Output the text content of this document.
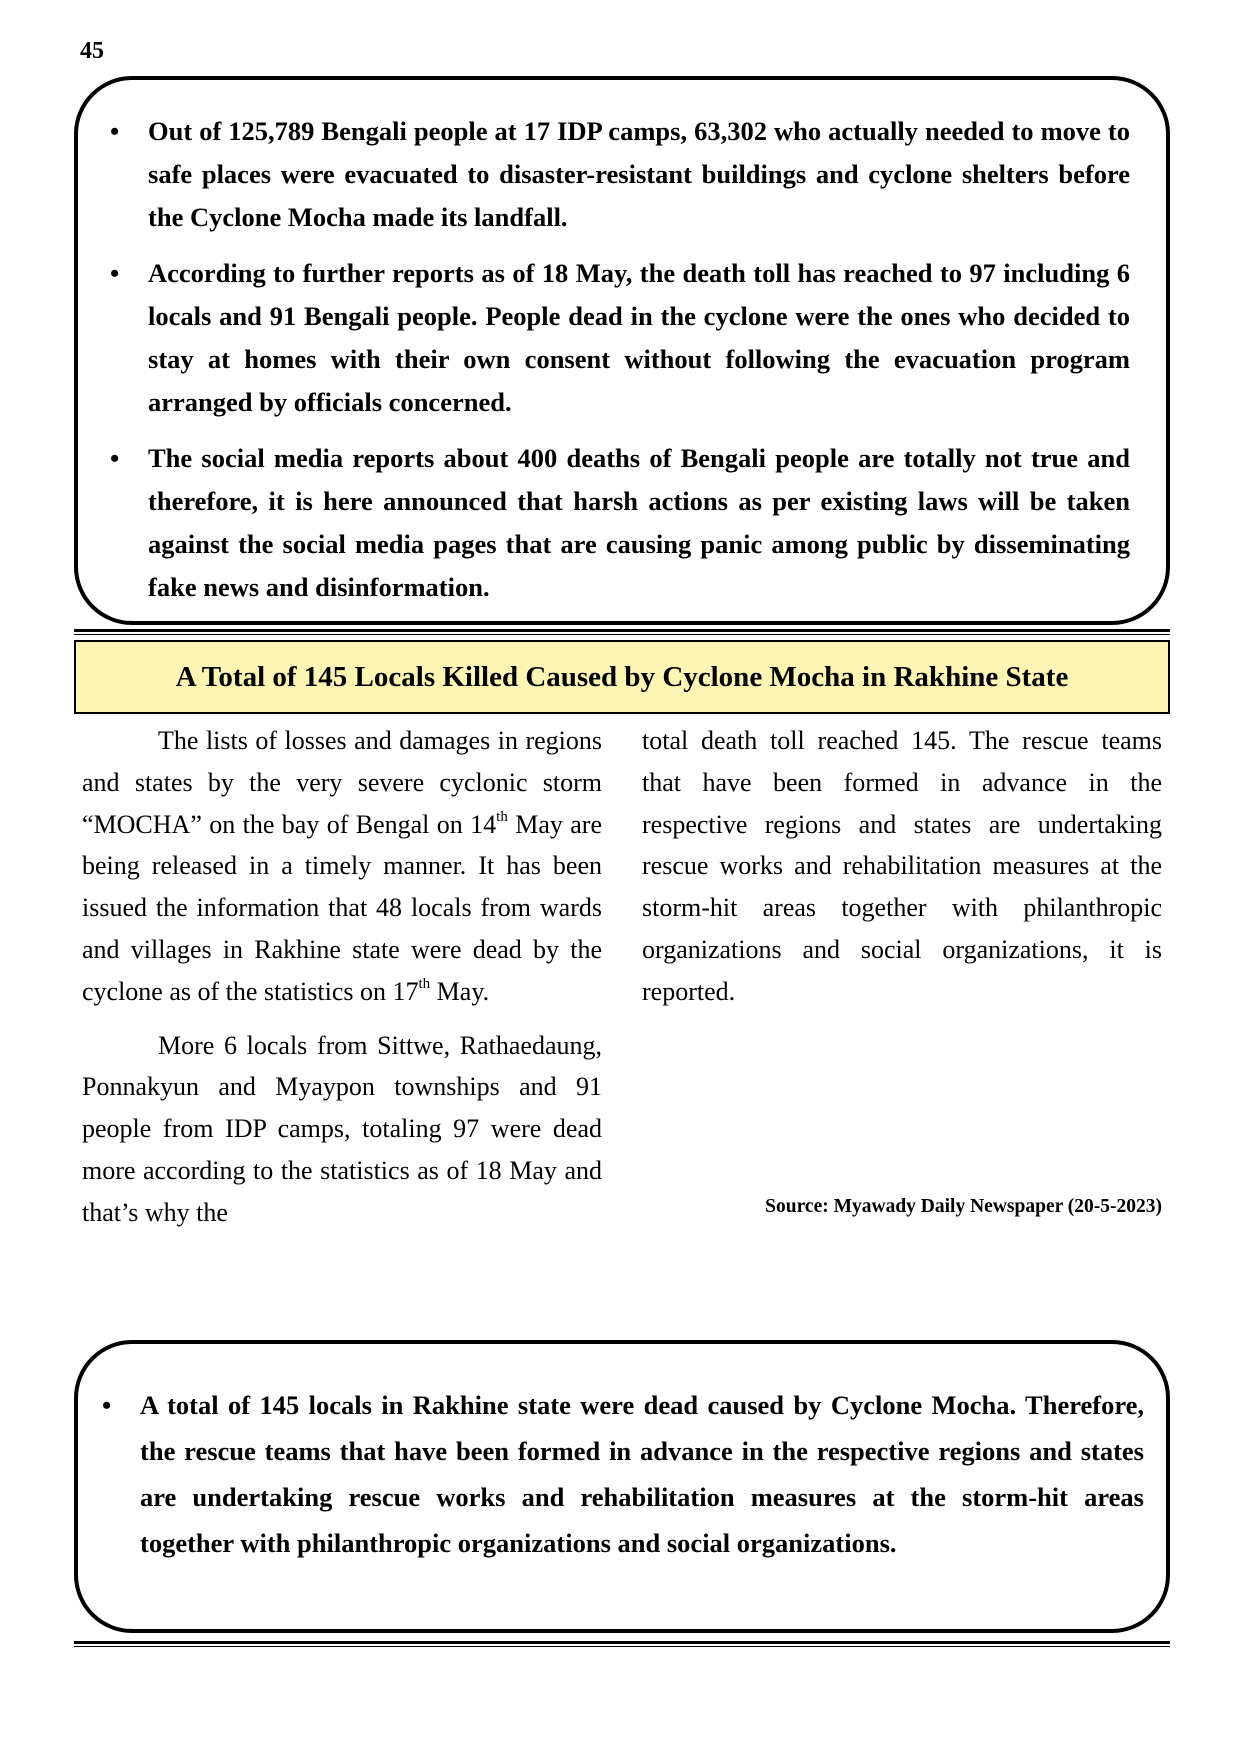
45
• Out of 125,789 Bengali people at 17 IDP camps, 63,302 who actually needed to move to safe places were evacuated to disaster-resistant buildings and cyclone shelters before the Cyclone Mocha made its landfall.
• According to further reports as of 18 May, the death toll has reached to 97 including 6 locals and 91 Bengali people. People dead in the cyclone were the ones who decided to stay at homes with their own consent without following the evacuation program arranged by officials concerned.
• The social media reports about 400 deaths of Bengali people are totally not true and therefore, it is here announced that harsh actions as per existing laws will be taken against the social media pages that are causing panic among public by disseminating fake news and disinformation.
A Total of 145 Locals Killed Caused by Cyclone Mocha in Rakhine State

The lists of losses and damages in regions and states by the very severe cyclonic storm “MOCHA” on the bay of Bengal on 14th May are being released in a timely manner. It has been issued the information that 48 locals from wards and villages in Rakhine state were dead by the cyclone as of the statistics on 17th May.

More 6 locals from Sittwe, Rathaedaung, Ponnakyun and Myaypon townships and 91 people from IDP camps, totaling 97 were dead more according to the statistics as of 18 May and that’s why the

total death toll reached 145. The rescue teams that have been formed in advance in the respective regions and states are undertaking rescue works and rehabilitation measures at the storm-hit areas together with philanthropic organizations and social organizations, it is reported.

Source: Myawady Daily Newspaper (20-5-2023)
• A total of 145 locals in Rakhine state were dead caused by Cyclone Mocha. Therefore, the rescue teams that have been formed in advance in the respective regions and states are undertaking rescue works and rehabilitation measures at the storm-hit areas together with philanthropic organizations and social organizations.
